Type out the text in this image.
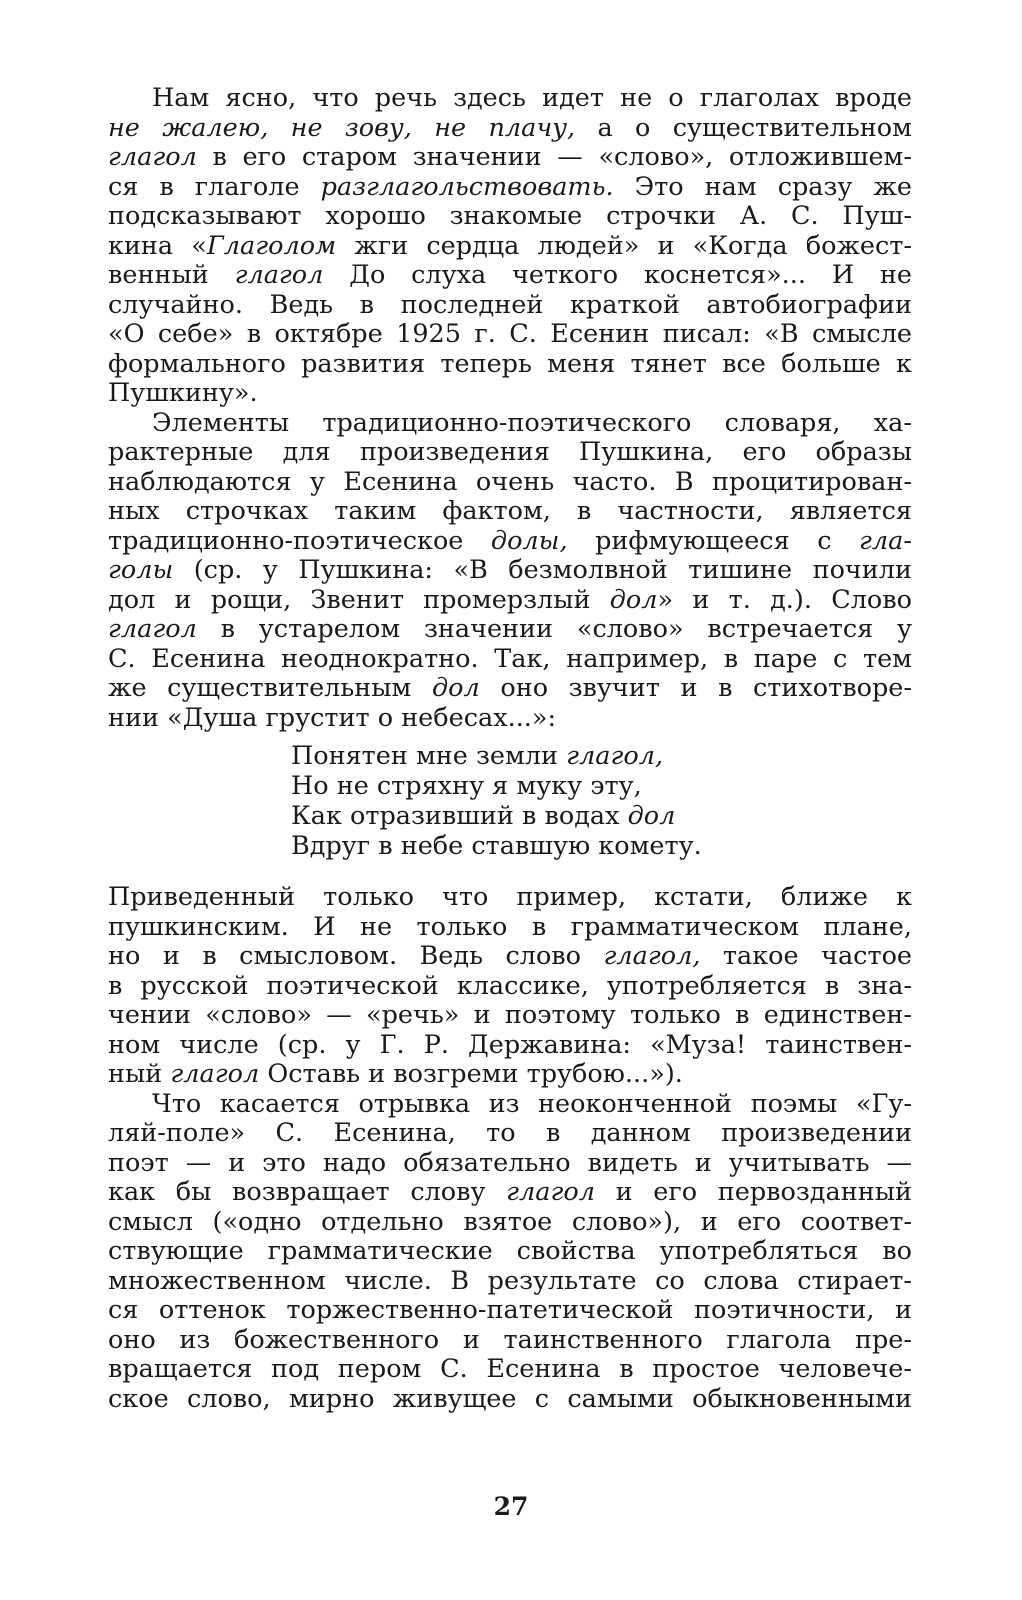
Нам ясно, что речь здесь идет не о глаголах вроде
не жалею, не зову, не плачу, а о существительном
глагол в его старом значении — «слово», отложившем-
ся в глаголе разглагольствовать. Это нам сразу же
подсказывают хорошо знакомые строчки А. С. Пуш-
кина «Глаголом жги сердца людей» и «Когда божест-
венный глагол До слуха четкого коснется»... И не
случайно. Ведь в последней краткой автобиографии
«О себе» в октябре 1925 г. С. Есенин писал: «В смысле
формального развития теперь меня тянет все больше к
Пушкину».
Элементы традиционно-поэтического словаря, ха-
рактерные для произведения Пушкина, его образы
наблюдаются у Есенина очень часто. В процитирован-
ных строчках таким фактом, в частности, является
традиционно-поэтическое долы, рифмующееся с гла-
голы (ср. у Пушкина: «В безмолвной тишине почили
дол и рощи, Звенит промерзлый дол» и т. д.). Слово
глагол в устарелом значении «слово» встречается у
С. Есенина неоднократно. Так, например, в паре с тем
же существительным дол оно звучит и в стихотворе-
нии «Душа грустит о небесах...»:
Понятен мне земли глагол,
Но не стряхну я муку эту,
Как отразивший в водах дол
Вдруг в небе ставшую комету.
Приведенный только что пример, кстати, ближе к
пушкинским. И не только в грамматическом плане,
но и в смысловом. Ведь слово глагол, такое частое
в русской поэтической классике, употребляется в зна-
чении «слово» — «речь» и поэтому только в единствен-
ном числе (ср. у Г. Р. Державина: «Муза! таинствен-
ный глагол Оставь и возгреми трубою...»).
Что касается отрывка из неоконченной поэмы «Гу-
ляй-поле» С. Есенина, то в данном произведении
поэт — и это надо обязательно видеть и учитывать —
как бы возвращает слову глагол и его первозданный
смысл («одно отдельно взятое слово»), и его соответ-
ствующие грамматические свойства употребляться во
множественном числе. В результате со слова стирает-
ся оттенок торжественно-патетической поэтичности, и
оно из божественного и таинственного глагола пре-
вращается под пером С. Есенина в простое человече-
ское слово, мирно живущее с самыми обыкновенными
27
